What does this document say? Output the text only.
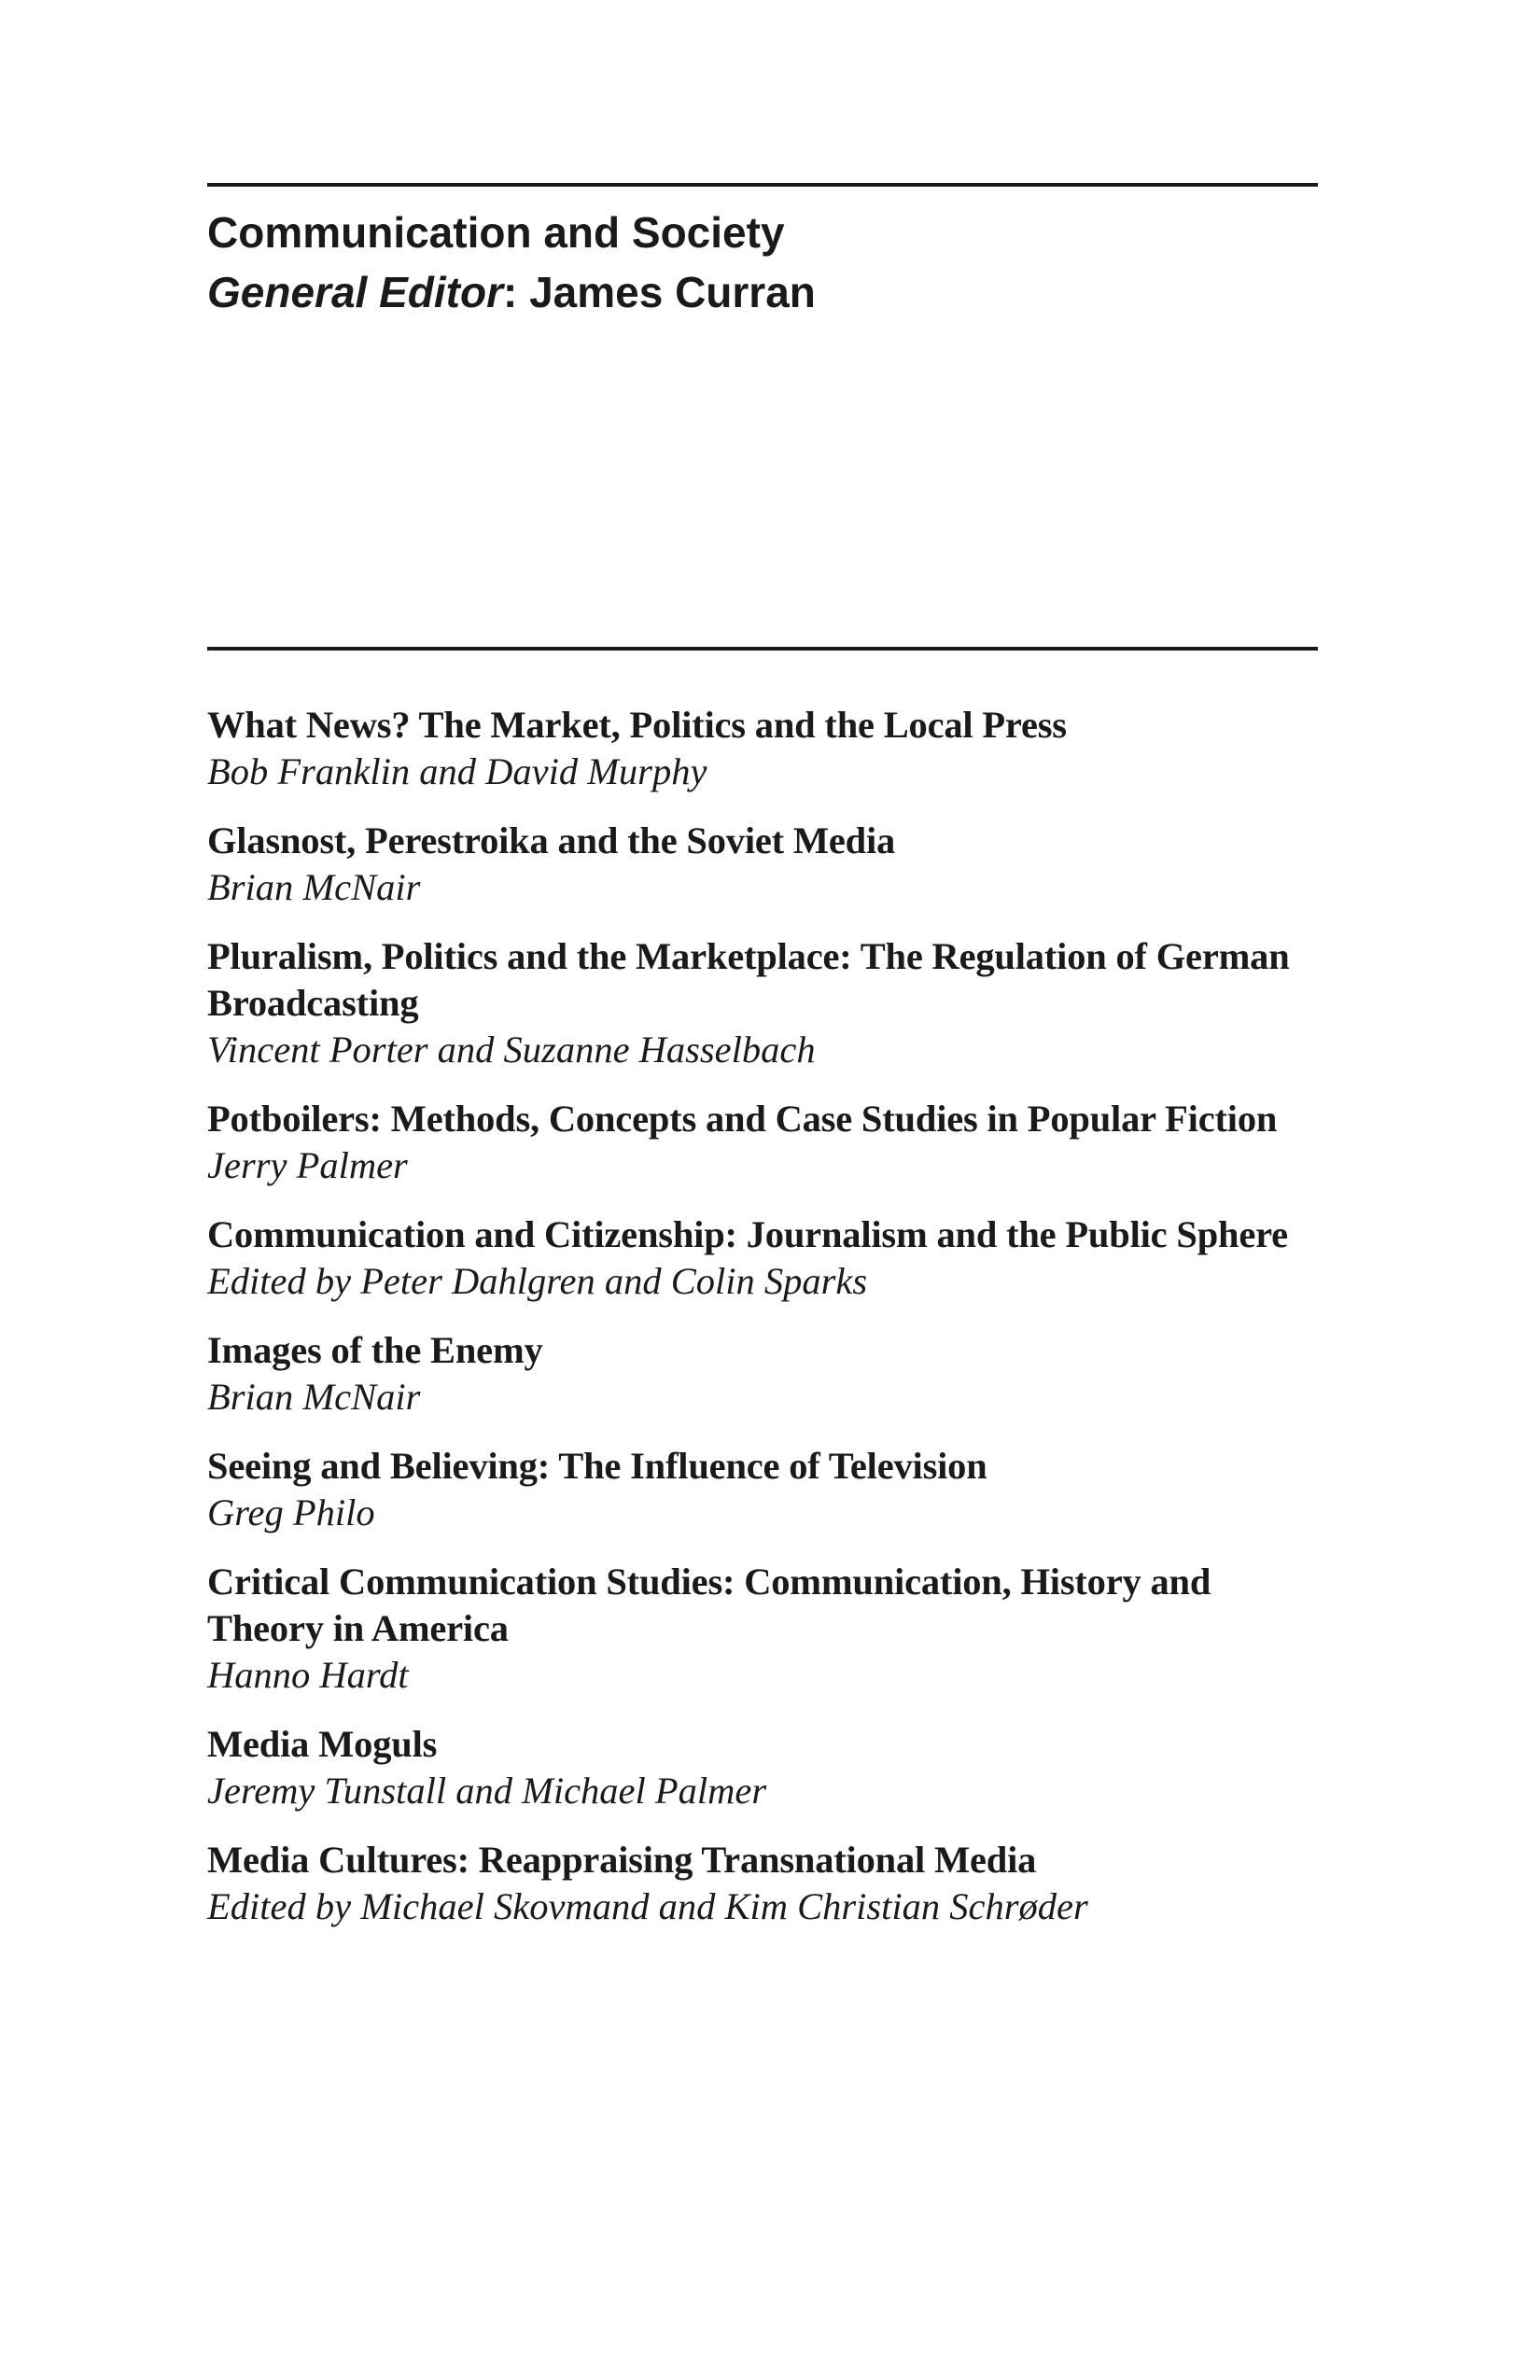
Communication and Society
General Editor: James Curran
What News? The Market, Politics and the Local Press
Bob Franklin and David Murphy
Glasnost, Perestroika and the Soviet Media
Brian McNair
Pluralism, Politics and the Marketplace: The Regulation of German Broadcasting
Vincent Porter and Suzanne Hasselbach
Potboilers: Methods, Concepts and Case Studies in Popular Fiction
Jerry Palmer
Communication and Citizenship: Journalism and the Public Sphere
Edited by Peter Dahlgren and Colin Sparks
Images of the Enemy
Brian McNair
Seeing and Believing: The Influence of Television
Greg Philo
Critical Communication Studies: Communication, History and Theory in America
Hanno Hardt
Media Moguls
Jeremy Tunstall and Michael Palmer
Media Cultures: Reappraising Transnational Media
Edited by Michael Skovmand and Kim Christian Schrøder
